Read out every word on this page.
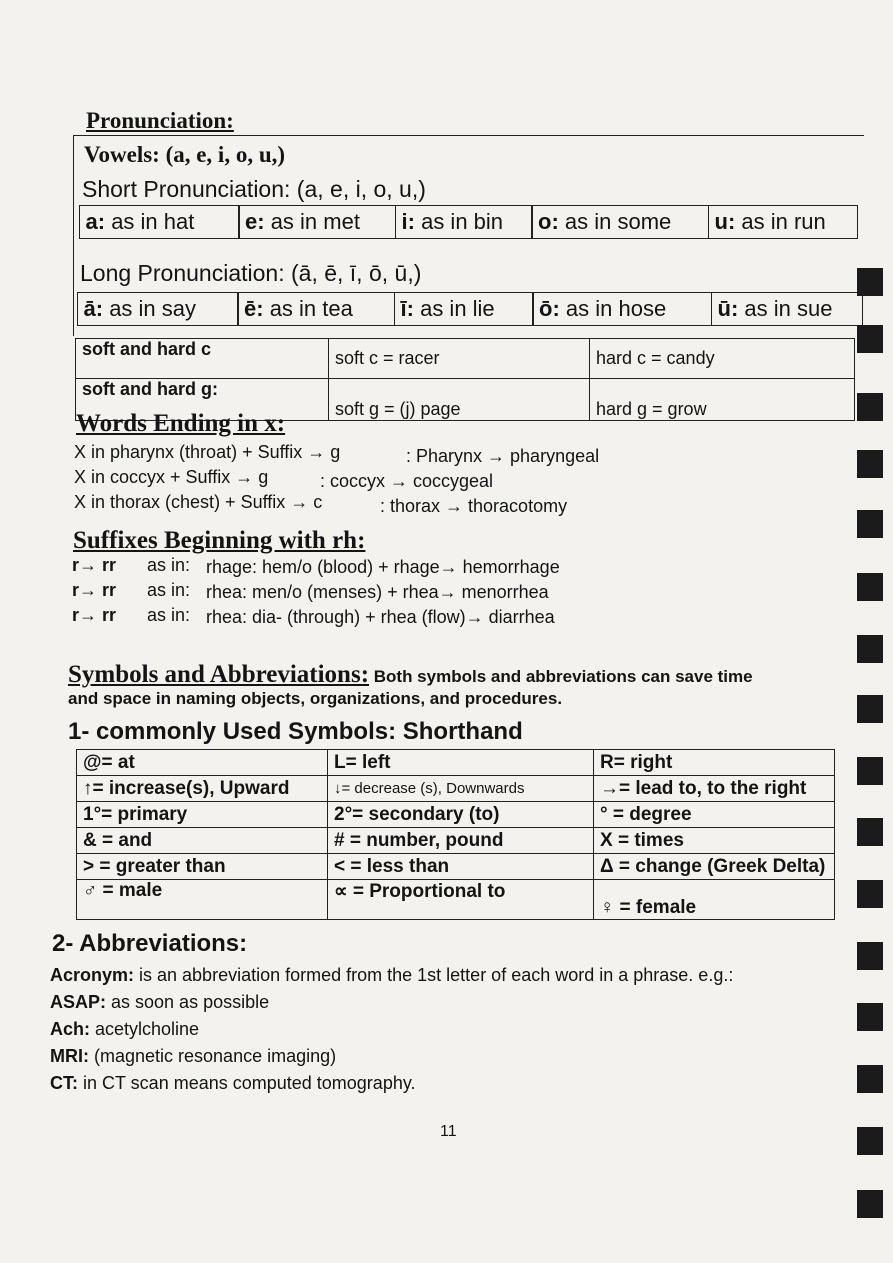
Pronunciation:
Vowels: (a, e, i, o, u,)
Short Pronunciation: (a, e, i, o, u,)
a: as in hat	e: as in met	i: as in bin	o: as in some	u: as in run
Long Pronunciation: (ā, ē, ī, ō, ū,)
ā: as in say	ē: as in tea	ī: as in lie	ō: as in hose	ū: as in sue
soft and hard c	soft c = racer	hard c = candy
soft and hard g:	soft g = (j) page	hard g = grow
Words Ending in x:
X in pharynx (throat) + Suffix → g	: Pharynx → pharyngeal
X in coccyx + Suffix → g	: coccyx → coccygeal
X in thorax (chest) + Suffix → c	: thorax → thoracotomy
Suffixes Beginning with rh:
r→ rr as in: rhage: hem/o (blood) + rhage→ hemorrhage
r→ rr as in: rhea: men/o (menses) + rhea→ menorrhea
r→ rr as in: rhea: dia- (through) + rhea (flow)→ diarrhea
Symbols and Abbreviations: Both symbols and abbreviations can save time
and space in naming objects, organizations, and procedures.
1- commonly Used Symbols: Shorthand
@= at	L= left	R= right
↑= increase(s), Upward	↓= decrease (s), Downwards	→= lead to, to the right
1°= primary	2°= secondary (to)	° = degree
& = and	# = number, pound	X = times
> = greater than	< = less than	Δ = change (Greek Delta)
♂ = male	∝ = Proportional to	♀ = female
2- Abbreviations:
Acronym: is an abbreviation formed from the 1st letter of each word in a phrase. e.g.:
ASAP: as soon as possible
Ach: acetylcholine
MRI: (magnetic resonance imaging)
CT: in CT scan means computed tomography.
11
